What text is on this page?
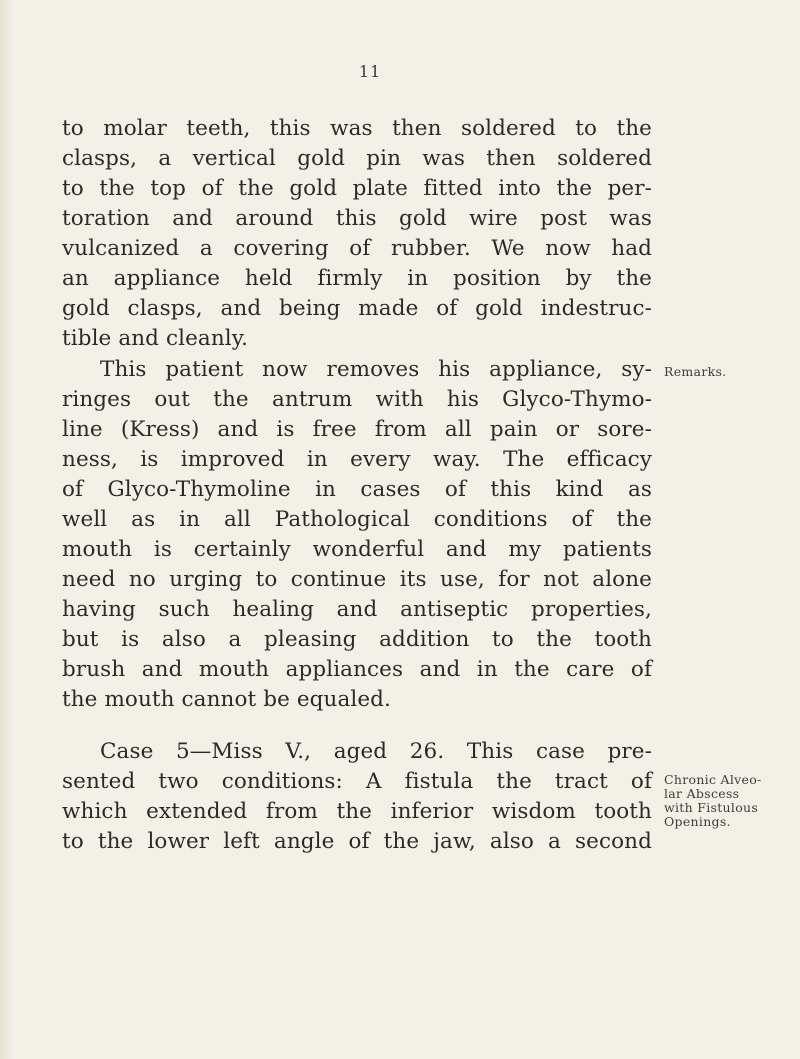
11
to molar teeth, this was then soldered to the
clasps, a vertical gold pin was then soldered
to the top of the gold plate fitted into the per-
toration and around this gold wire post was
vulcanized a covering of rubber. We now had
an appliance held firmly in position by the
gold clasps, and being made of gold indestruc-
tible and cleanly.
This patient now removes his appliance, sy-
ringes out the antrum with his Glyco-Thymo-
line (Kress) and is free from all pain or sore-
ness, is improved in every way. The efficacy
of Glyco-Thymoline in cases of this kind as
well as in all Pathological conditions of the
mouth is certainly wonderful and my patients
need no urging to continue its use, for not alone
having such healing and antiseptic properties,
but is also a pleasing addition to the tooth
brush and mouth appliances and in the care of
the mouth cannot be equaled.
Case 5—Miss V., aged 26. This case pre-
sented two conditions: A fistula the tract of
which extended from the inferior wisdom tooth
to the lower left angle of the jaw, also a second
Remarks.
Chronic Alveo-
lar Abscess
with Fistulous
Openings.
